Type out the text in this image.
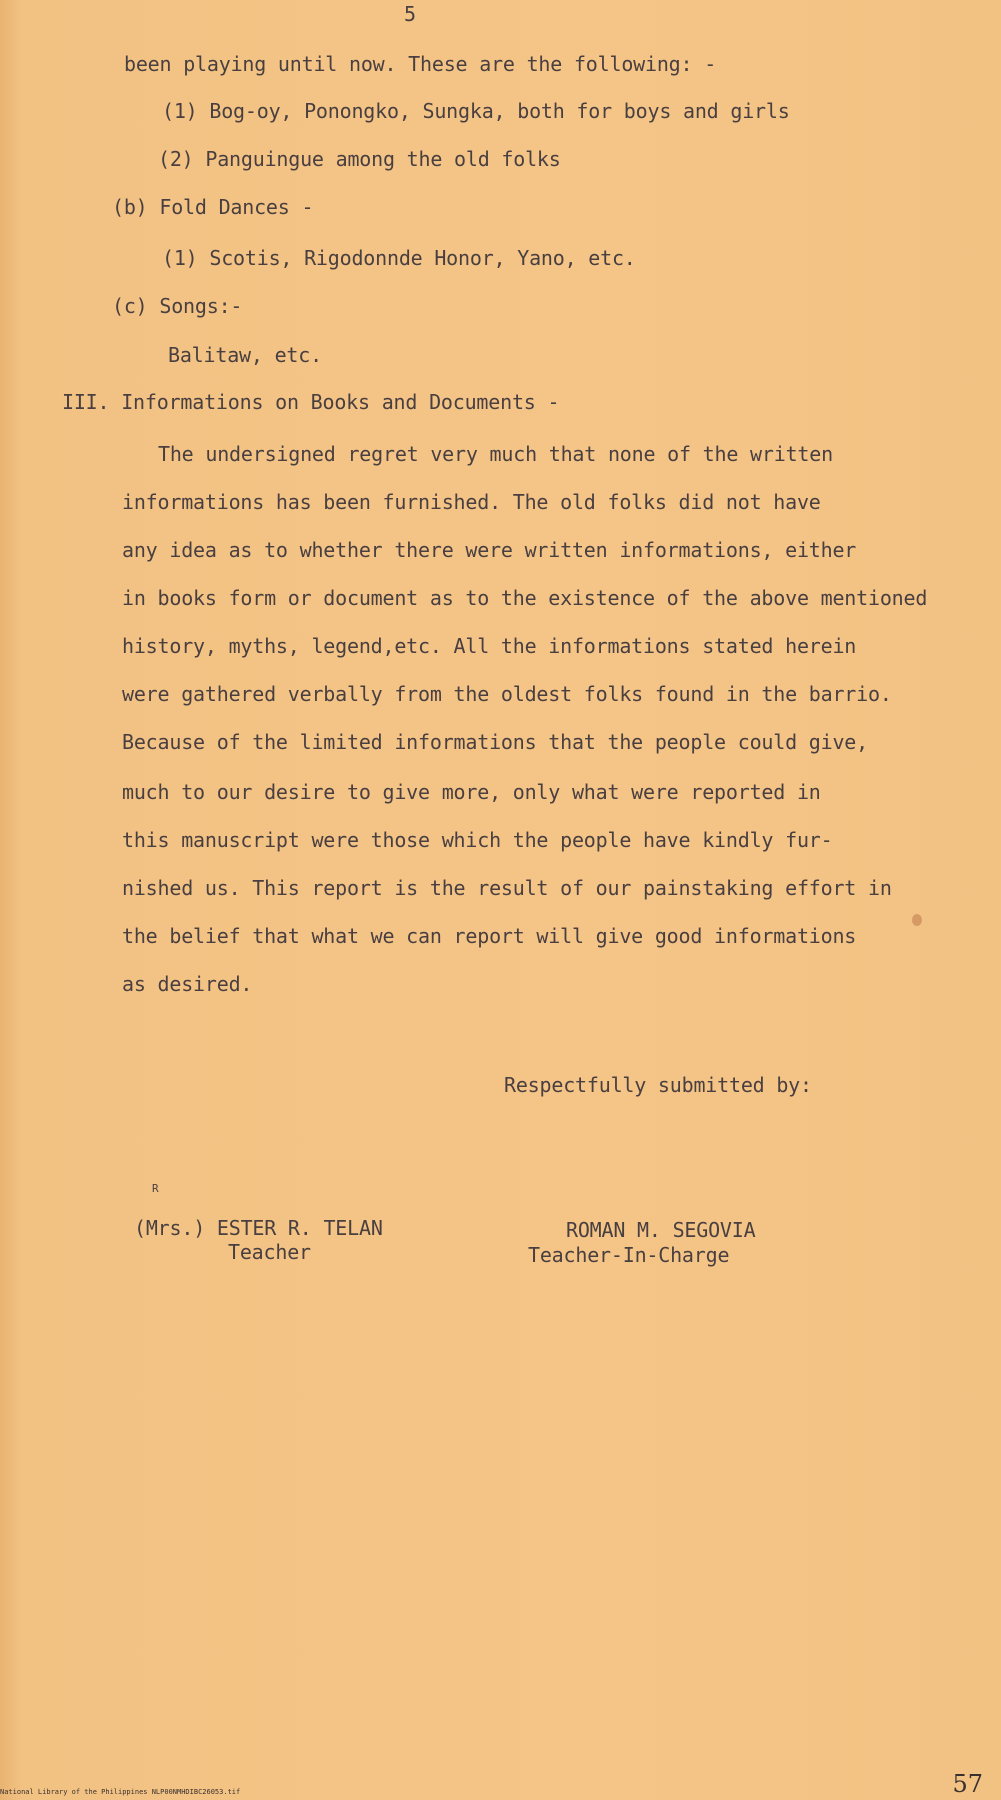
5
been playing until now. These are the following: -
(1) Bog-oy, Ponongko, Sungka, both for boys and girls
(2) Panguingue among the old folks
(b) Fold Dances -
(1) Scotis, Rigodonnde Honor, Yano, etc.
(c) Songs:-
Balitaw, etc.
III. Informations on Books and Documents -
The undersigned regret very much that none of the written
informations has been furnished. The old folks did not have
any idea as to whether there were written informations, either
in books form or document as to the existence of the above mentioned
history, myths, legend,etc. All the informations stated herein
were gathered verbally from the oldest folks found in the barrio.
Because of the limited informations that the people could give,
much to our desire to give more, only what were reported in
this manuscript were those which the people have kindly fur-
nished us. This report is the result of our painstaking effort in
the belief that what we can report will give good informations
as desired.
Respectfully submitted by:
R
(Mrs.) ESTER R. TELAN
Teacher
ROMAN M. SEGOVIA
Teacher-In-Charge
National Library of the Philippines NLP00NMHDIBC26053.tif	57
